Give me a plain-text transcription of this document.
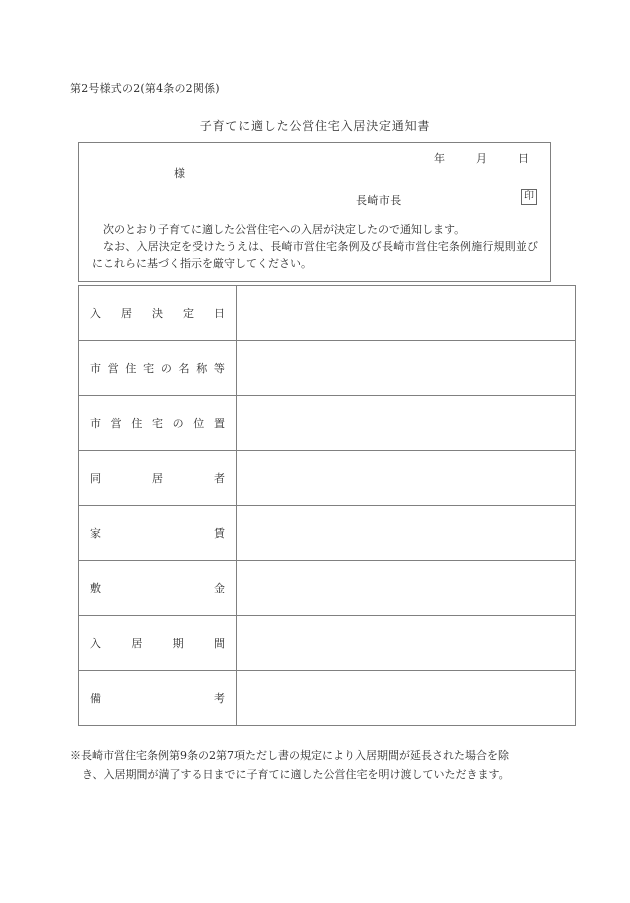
第2号様式の2(第4条の2関係)
子育てに適した公営住宅入居決定通知書
年	月	日
様
長崎市長	印

次のとおり子育てに適した公営住宅への入居が決定したので通知します。

なお、入居決定を受けたうえは、長崎市営住宅条例及び長崎市営住宅条例施行規則並びにこれらに基づく指示を厳守してください。

入 居 決 定 日	

市 営 住 宅 の 名 称 等

市 営 住 宅 の 位 置

同 居 者	

家 賃	

敷 金	

入 居 期 間	

備 考	

※長崎市営住宅条例第9条の2第7項ただし書の規定により入居期間が延長された場合を除

き、入居期間が満了する日までに子育てに適した公営住宅を明け渡していただきます。
